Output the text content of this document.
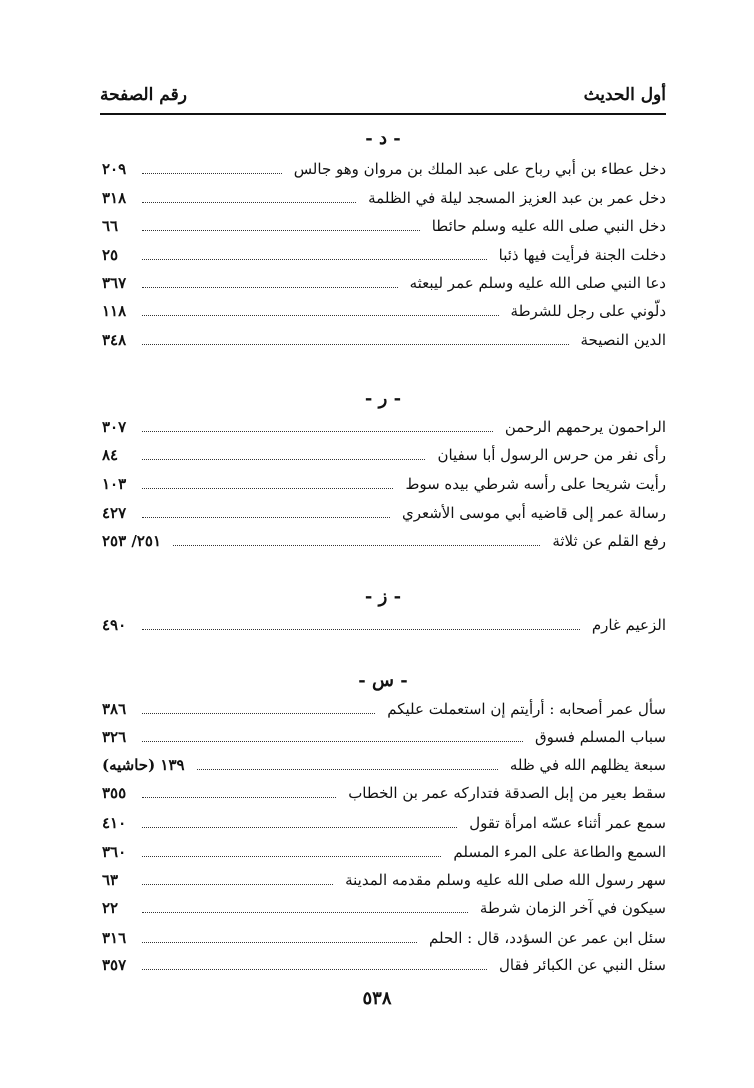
أول الحديث
رقم الصفحة
- د -
دخل عطاء بن أبي رباح على عبد الملك بن مروان وهو جالس
٢٠٩
دخل عمر بن عبد العزيز المسجد ليلة في الظلمة
٣١٨
دخل النبي صلى الله عليه وسلم حائطا
٦٦
دخلت الجنة فرأيت فيها ذئبا
٢٥
دعا النبي صلى الله عليه وسلم عمر ليبعثه
٣٦٧
دلّوني على رجل للشرطة
١١٨
الدين النصيحة
٣٤٨
- ر -
الراحمون يرحمهم الرحمن
٣٠٧
رأى نفر من حرس الرسول أبا سفيان
٨٤
رأيت شريحا على رأسه شرطي بيده سوط
١٠٣
رسالة عمر إلى قاضيه أبي موسى الأشعري
٤٢٧
رفع القلم عن ثلاثة
٢٥١/ ٢٥٣
- ز -
الزعيم غارم
٤٩٠
- س -
سأل عمر أصحابه : أرأيتم إن استعملت عليكم
٣٨٦
سباب المسلم فسوق
٣٢٦
سبعة يظلهم الله في ظله
١٣٩ (حاشيه)
سقط بعير من إبل الصدقة فتداركه عمر بن الخطاب
٣٥٥
سمع عمر أثناء عسّه امرأة تقول
٤١٠
السمع والطاعة على المرء المسلم
٣٦٠
سهر رسول الله صلى الله عليه وسلم مقدمه المدينة
٦٣
سيكون في آخر الزمان شرطة
٢٢
سئل ابن عمر عن السؤدد، قال : الحلم
٣١٦
سئل النبي عن الكبائر فقال
٣٥٧
٥٣٨
